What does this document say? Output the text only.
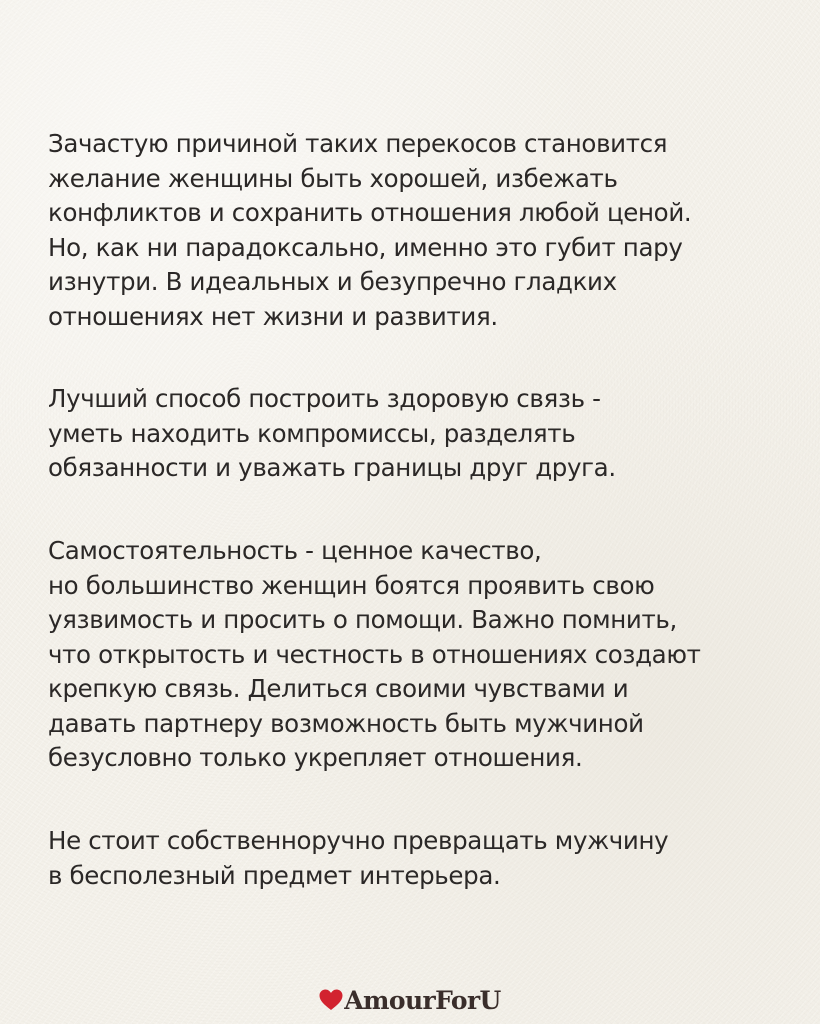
Зачастую причиной таких перекосов становится
желание женщины быть хорошей, избежать
конфликтов и сохранить отношения любой ценой.
Но, как ни парадоксально, именно это губит пару
изнутри. В идеальных и безупречно гладких
отношениях нет жизни и развития.
Лучший способ построить здоровую связь -
уметь находить компромиссы, разделять
обязанности и уважать границы друг друга.
Самостоятельность - ценное качество,
но большинство женщин боятся проявить свою
уязвимость и просить о помощи. Важно помнить,
что открытость и честность в отношениях создают
крепкую связь. Делиться своими чувствами и
давать партнеру возможность быть мужчиной
безусловно только укрепляет отношения.
Не стоит собственноручно превращать мужчину
в бесполезный предмет интерьера.
AmourForU
